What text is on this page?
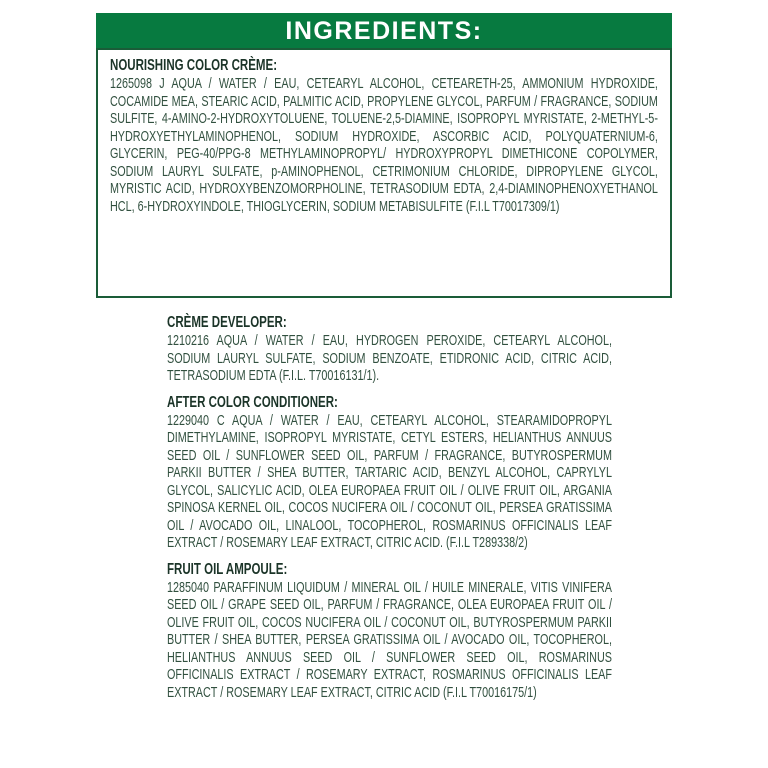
INGREDIENTS:
NOURISHING COLOR CRÈME:
1265098 J AQUA / WATER / EAU, CETEARYL ALCOHOL, CETEARETH-25, AMMONIUM HYDROXIDE, COCAMIDE MEA, STEARIC ACID, PALMITIC ACID, PROPYLENE GLYCOL, PARFUM / FRAGRANCE, SODIUM SULFITE, 4-AMINO-2-HYDROXYTOLUENE, TOLUENE-2,5-DIAMINE, ISOPROPYL MYRISTATE, 2-METHYL-5-HYDROXYETHYLAMINOPHENOL, SODIUM HYDROXIDE, ASCORBIC ACID, POLYQUATERNIUM-6, GLYCERIN, PEG-40/PPG-8 METHYLAMINOPROPYL/ HYDROXYPROPYL DIMETHICONE COPOLYMER, SODIUM LAURYL SULFATE, p-AMINOPHENOL, CETRIMONIUM CHLORIDE, DIPROPYLENE GLYCOL, MYRISTIC ACID, HYDROXYBENZOMORPHOLINE, TETRASODIUM EDTA, 2,4-DIAMINOPHENOXYETHANOL HCL, 6-HYDROXYINDOLE, THIOGLYCERIN, SODIUM METABISULFITE (F.I.L T70017309/1)
CRÈME DEVELOPER:
1210216 AQUA / WATER / EAU, HYDROGEN PEROXIDE, CETEARYL ALCOHOL, SODIUM LAURYL SULFATE, SODIUM BENZOATE, ETIDRONIC ACID, CITRIC ACID, TETRASODIUM EDTA (F.I.L. T70016131/1).
AFTER COLOR CONDITIONER:
1229040 C AQUA / WATER / EAU, CETEARYL ALCOHOL, STEARAMIDOPROPYL DIMETHYLAMINE, ISOPROPYL MYRISTATE, CETYL ESTERS, HELIANTHUS ANNUUS SEED OIL / SUNFLOWER SEED OIL, PARFUM / FRAGRANCE, BUTYROSPERMUM PARKII BUTTER / SHEA BUTTER, TARTARIC ACID, BENZYL ALCOHOL, CAPRYLYL GLYCOL, SALICYLIC ACID, OLEA EUROPAEA FRUIT OIL / OLIVE FRUIT OIL, ARGANIA SPINOSA KERNEL OIL, COCOS NUCIFERA OIL / COCONUT OIL, PERSEA GRATISSIMA OIL / AVOCADO OIL, LINALOOL, TOCOPHEROL, ROSMARINUS OFFICINALIS LEAF EXTRACT / ROSEMARY LEAF EXTRACT, CITRIC ACID. (F.I.L T289338/2)
FRUIT OIL AMPOULE:
1285040 PARAFFINUM LIQUIDUM / MINERAL OIL / HUILE MINERALE, VITIS VINIFERA SEED OIL / GRAPE SEED OIL, PARFUM / FRAGRANCE, OLEA EUROPAEA FRUIT OIL / OLIVE FRUIT OIL, COCOS NUCIFERA OIL / COCONUT OIL, BUTYROSPERMUM PARKII BUTTER / SHEA BUTTER, PERSEA GRATISSIMA OIL / AVOCADO OIL, TOCOPHEROL, HELIANTHUS ANNUUS SEED OIL / SUNFLOWER SEED OIL, ROSMARINUS OFFICINALIS EXTRACT / ROSEMARY EXTRACT, ROSMARINUS OFFICINALIS LEAF EXTRACT / ROSEMARY LEAF EXTRACT, CITRIC ACID (F.I.L T70016175/1)
